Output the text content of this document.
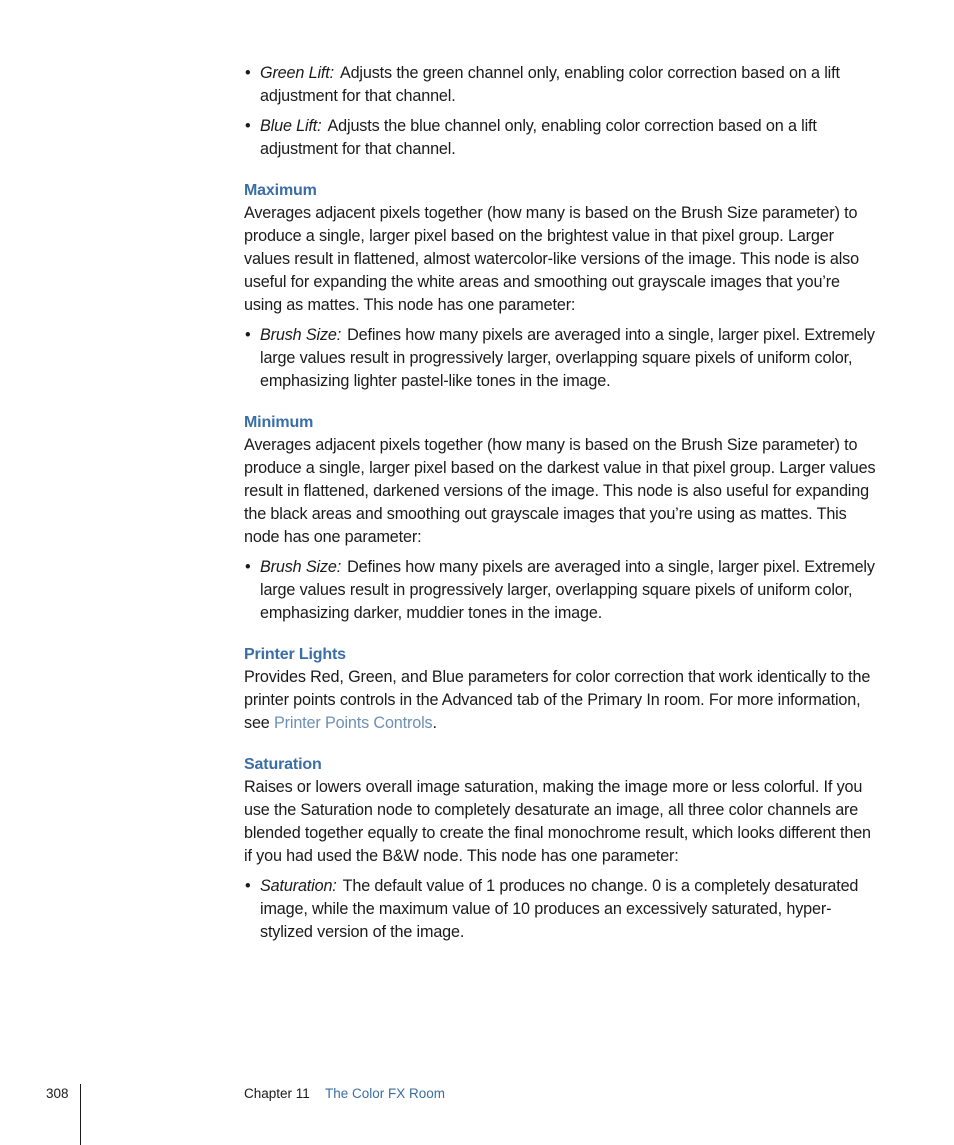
• Green Lift: Adjusts the green channel only, enabling color correction based on a lift adjustment for that channel.
• Blue Lift: Adjusts the blue channel only, enabling color correction based on a lift adjustment for that channel.
Maximum
Averages adjacent pixels together (how many is based on the Brush Size parameter) to produce a single, larger pixel based on the brightest value in that pixel group. Larger values result in flattened, almost watercolor-like versions of the image. This node is also useful for expanding the white areas and smoothing out grayscale images that you’re using as mattes. This node has one parameter:
• Brush Size: Defines how many pixels are averaged into a single, larger pixel. Extremely large values result in progressively larger, overlapping square pixels of uniform color, emphasizing lighter pastel-like tones in the image.
Minimum
Averages adjacent pixels together (how many is based on the Brush Size parameter) to produce a single, larger pixel based on the darkest value in that pixel group. Larger values result in flattened, darkened versions of the image. This node is also useful for expanding the black areas and smoothing out grayscale images that you’re using as mattes. This node has one parameter:
• Brush Size: Defines how many pixels are averaged into a single, larger pixel. Extremely large values result in progressively larger, overlapping square pixels of uniform color, emphasizing darker, muddier tones in the image.
Printer Lights
Provides Red, Green, and Blue parameters for color correction that work identically to the printer points controls in the Advanced tab of the Primary In room. For more information, see Printer Points Controls.
Saturation
Raises or lowers overall image saturation, making the image more or less colorful. If you use the Saturation node to completely desaturate an image, all three color channels are blended together equally to create the final monochrome result, which looks different then if you had used the B&W node. This node has one parameter:
• Saturation: The default value of 1 produces no change. 0 is a completely desaturated image, while the maximum value of 10 produces an excessively saturated, hyper-stylized version of the image.
308	Chapter 11 The Color FX Room
